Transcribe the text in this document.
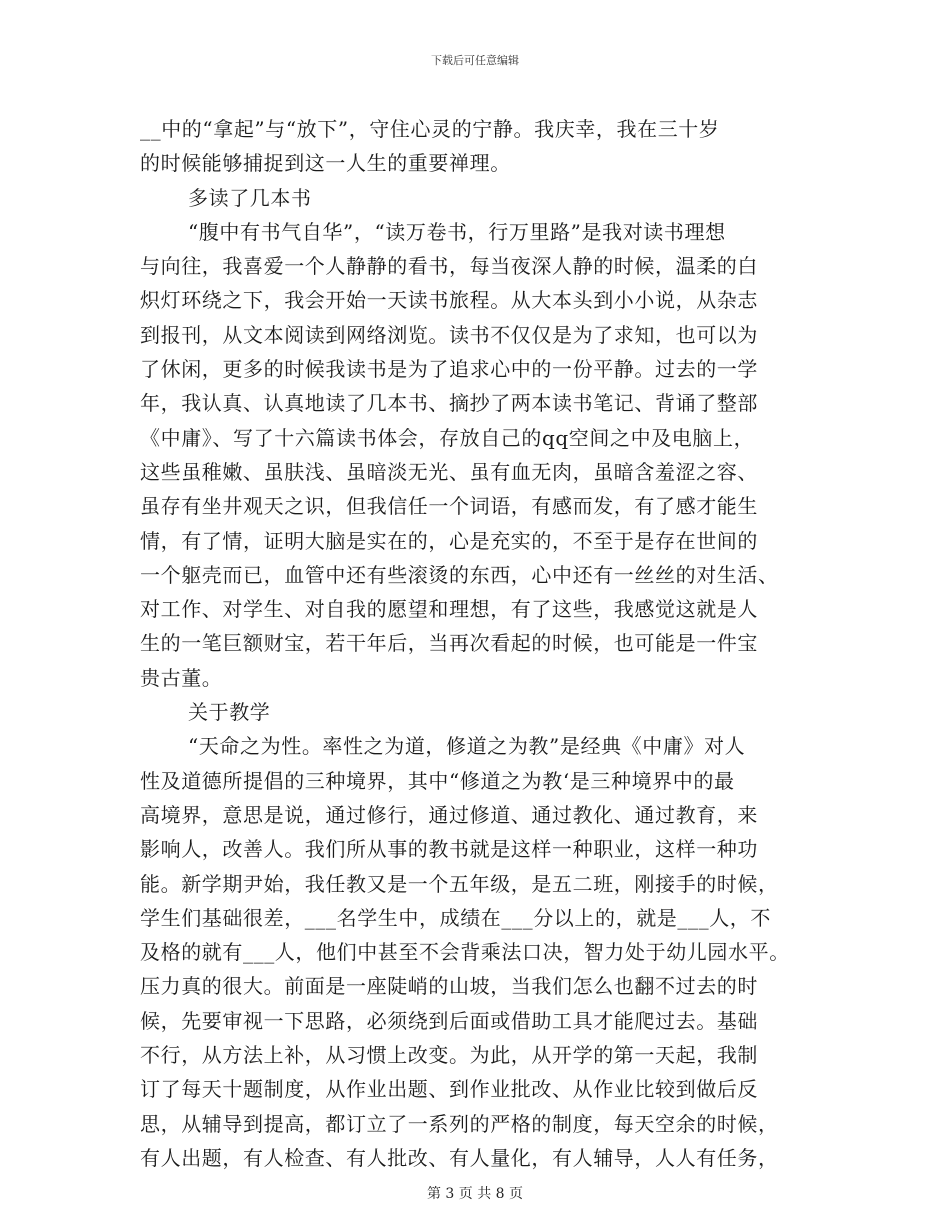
下载后可任意编辑
__中的“拿起”与“放下”，守住心灵的宁静。我庆幸，我在三十岁
的时候能够捕捉到这一人生的重要禅理。
多读了几本书
“腹中有书气自华”，“读万卷书，行万里路”是我对读书理想
与向往，我喜爱一个人静静的看书，每当夜深人静的时候，温柔的白
炽灯环绕之下，我会开始一天读书旅程。从大本头到小小说，从杂志
到报刊，从文本阅读到网络浏览。读书不仅仅是为了求知，也可以为
了休闲，更多的时候我读书是为了追求心中的一份平静。过去的一学
年，我认真、认真地读了几本书、摘抄了两本读书笔记、背诵了整部
《中庸》、写了十六篇读书体会，存放自己的qq空间之中及电脑上，
这些虽稚嫩、虽肤浅、虽暗淡无光、虽有血无肉，虽暗含羞涩之容、
虽存有坐井观天之识，但我信任一个词语，有感而发，有了感才能生
情，有了情，证明大脑是实在的，心是充实的，不至于是存在世间的
一个躯壳而已，血管中还有些滚烫的东西，心中还有一丝丝的对生活、
对工作、对学生、对自我的愿望和理想，有了这些，我感觉这就是人
生的一笔巨额财宝，若干年后，当再次看起的时候，也可能是一件宝
贵古董。
关于教学
“天命之为性。率性之为道，修道之为教”是经典《中庸》对人
性及道德所提倡的三种境界，其中“修道之为教‘是三种境界中的最
高境界，意思是说，通过修行，通过修道、通过教化、通过教育，来
影响人，改善人。我们所从事的教书就是这样一种职业，这样一种功
能。新学期尹始，我任教又是一个五年级，是五二班，刚接手的时候，
学生们基础很差，___名学生中，成绩在___分以上的，就是___人，不
及格的就有___人，他们中甚至不会背乘法口决，智力处于幼儿园水平。
压力真的很大。前面是一座陡峭的山坡，当我们怎么也翻不过去的时
候，先要审视一下思路，必须绕到后面或借助工具才能爬过去。基础
不行，从方法上补，从习惯上改变。为此，从开学的第一天起，我制
订了每天十题制度，从作业出题、到作业批改、从作业比较到做后反
思，从辅导到提高，都订立了一系列的严格的制度，每天空余的时候，
有人出题，有人检查、有人批改、有人量化，有人辅导，人人有任务，
第 3 页 共 8 页
